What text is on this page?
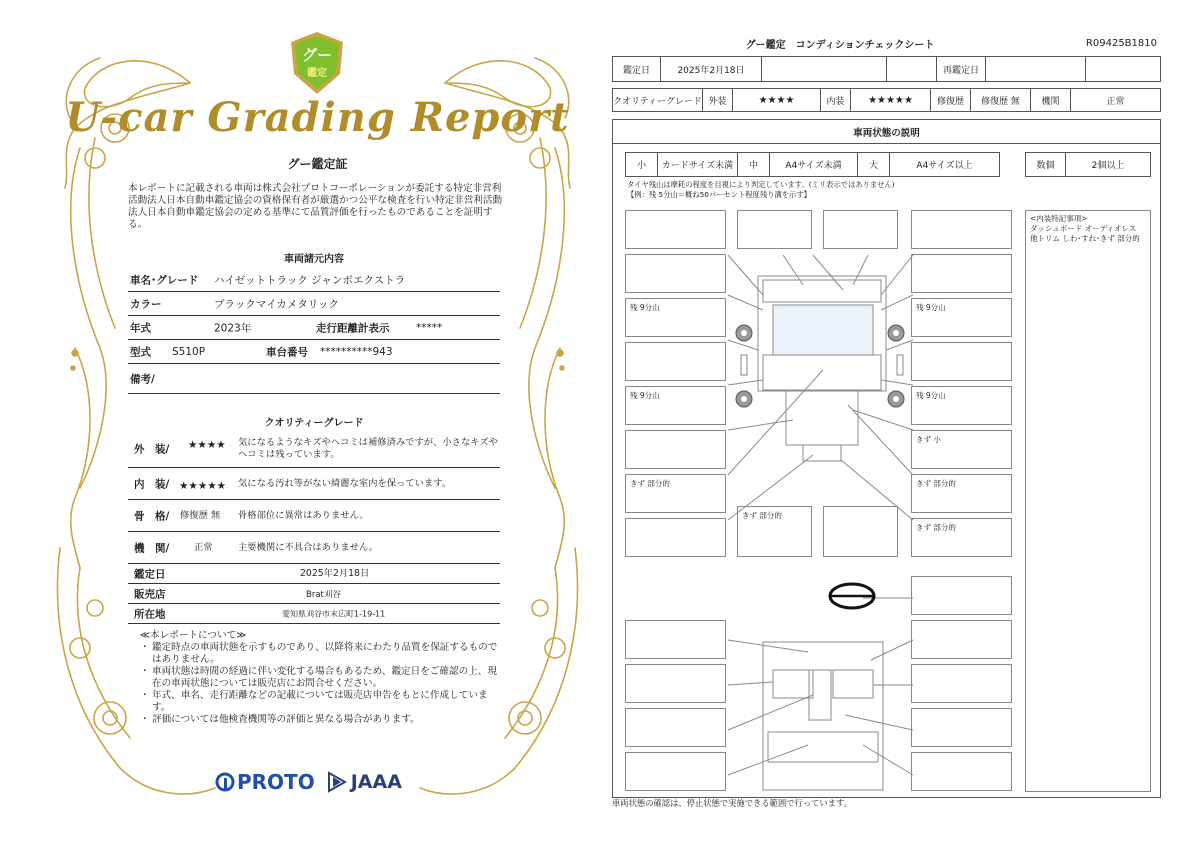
グー
鑑定
U-car Grading Report
グー鑑定証
本レポートに記載される車両は株式会社プロトコーポレーションが委託する特定非営利活動法人日本自動車鑑定協会の資格保有者が厳選かつ公平な検査を行い特定非営利活動法人日本自動車鑑定協会の定める基準にて品質評価を行ったものであることを証明する。
車両諸元内容
車名･グレード ハイゼットトラック ジャンボエクストラ
カラー	ブラックマイカメタリック
年式	2023年	走行距離計表示	*****
型式 S510P	車台番号 **********943
備考/
クオリティーグレード
外　装/ ★★★★ 気になるようなキズやヘコミは補修済みですが、小さなキズやヘコミは残っています。
内　装/ ★★★★★ 気になる汚れ等がない綺麗な室内を保っています。
骨　格/ 修復歴 無 骨格部位に異常はありません。
機　関/	正常	主要機関に不具合はありません。
鑑定日	2025年2月18日
販売店	Brat刈谷
所在地	愛知県刈谷市末広町1-19-11
≪本レポートについて≫
・ 鑑定時点の車両状態を示すものであり、以降将来にわたり品質を保証するものではありません。
・ 車両状態は時間の経過に伴い変化する場合もあるため、鑑定日をご確認の上、現在の車両状態については販売店にお問合せください。
・ 年式、車名、走行距離などの記載については販売店申告をもとに作成しています。
・ 評価については他検査機関等の評価と異なる場合があります。
PROTO JAAA
グー鑑定　コンディションチェックシート	R09425B1810
鑑定日	2025年2月18日	再鑑定日
クオリティーグレード 外装	★★★★	内装	★★★★★	修復歴	修復歴 無	機関	正常
車両状態の説明
小	カードサイズ未満	中	A4サイズ未満	大	A4サイズ以上	数個	2個以上
タイヤ残山は摩耗の程度を目視により判定しています。(ミリ表示ではありません)
【例：残 5分山＝概ね50パーセント程度残り溝を示す】
残 9分山	残 9分山
残 9分山	残 9分山
きず 小
きず 部分的	きず 部分的
きず 部分的
きず 部分的
<内装特記事項>
ダッシュボード オーディオレス
他トリム しわ･すれ･きず 部分的
車両状態の確認は、停止状態で実施できる範囲で行っています。
